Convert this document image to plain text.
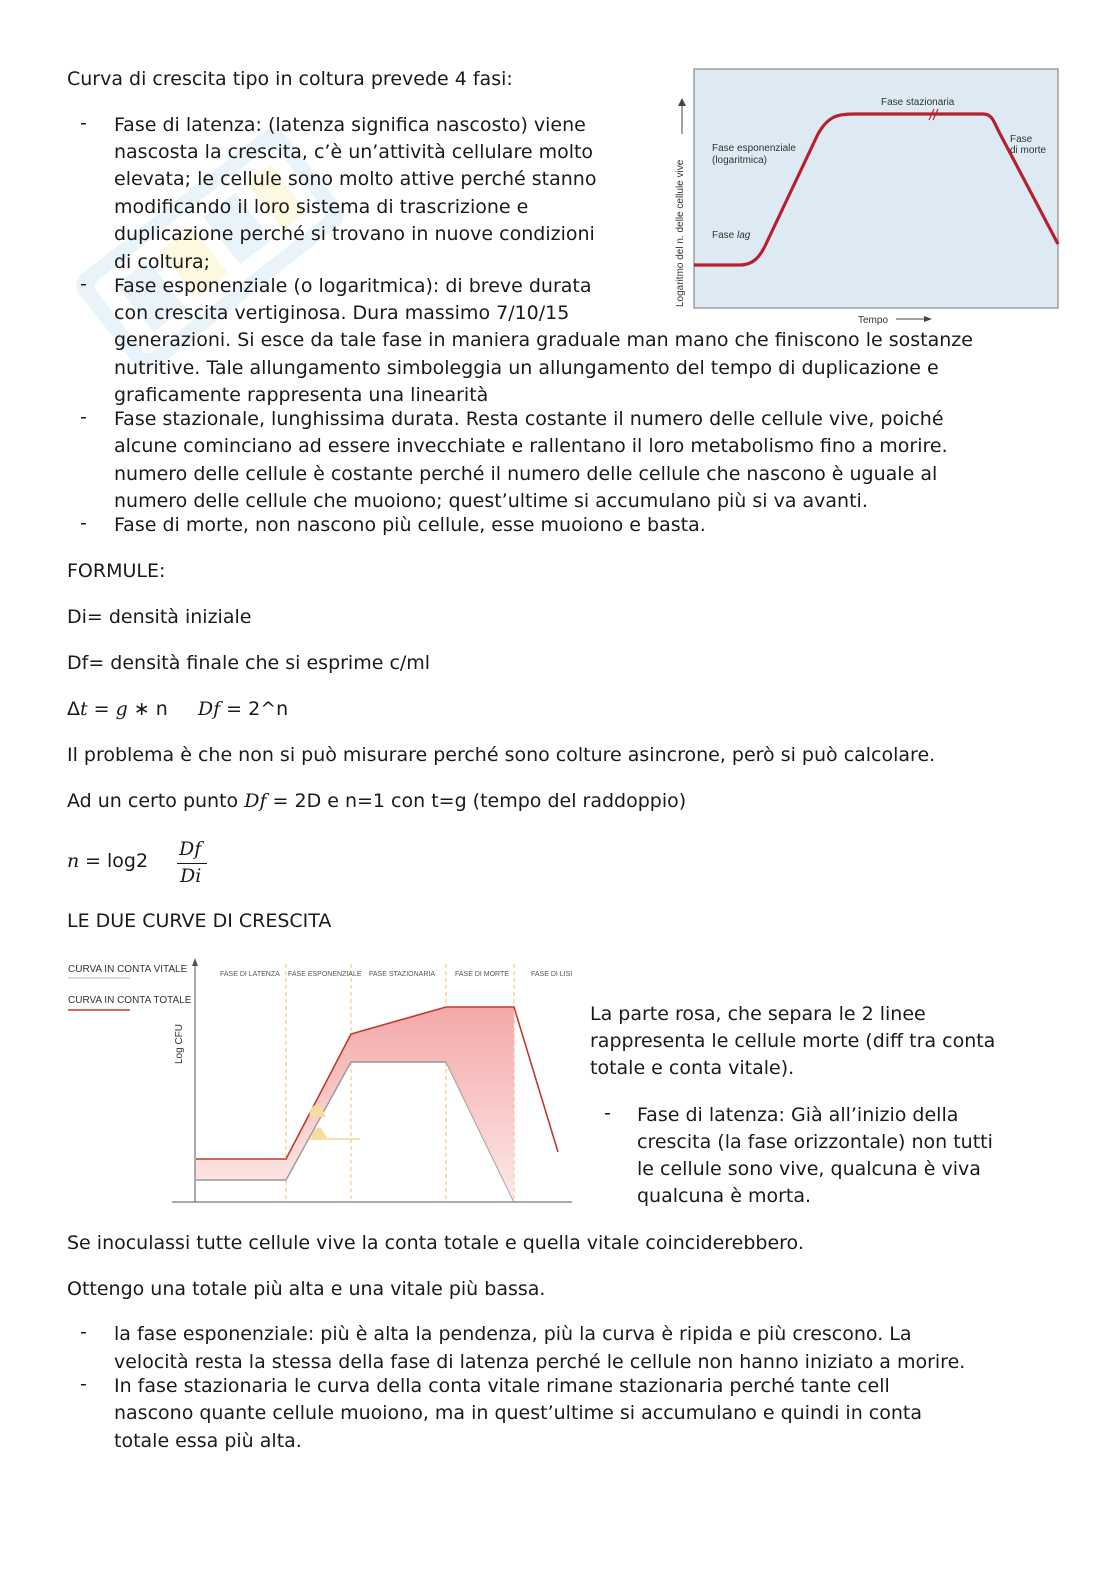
Curva di crescita tipo in coltura prevede 4 fasi:
- Fase di latenza: (latenza significa nascosto) viene
nascosta la crescita, c’è un’attività cellulare molto
elevata; le cellule sono molto attive perché stanno
modificando il loro sistema di trascrizione e
duplicazione perché si trovano in nuove condizioni
di coltura;
- Fase esponenziale (o logaritmica): di breve durata
con crescita vertiginosa. Dura massimo 7/10/15
generazioni. Si esce da tale fase in maniera graduale man mano che finiscono le sostanze
nutritive. Tale allungamento simboleggia un allungamento del tempo di duplicazione e
graficamente rappresenta una linearità
- Fase stazionale, lunghissima durata. Resta costante il numero delle cellule vive, poiché
alcune cominciano ad essere invecchiate e rallentano il loro metabolismo fino a morire.
numero delle cellule è costante perché il numero delle cellule che nascono è uguale al
numero delle cellule che muoiono; quest’ultime si accumulano più si va avanti.
- Fase di morte, non nascono più cellule, esse muoiono e basta.
Logaritmo del n. delle cellule vive
Tempo
Fase lag
Fase esponenziale
(logaritmica)
Fase stazionaria
Fase
di morte
FORMULE:
Di= densità iniziale
Df= densità finale che si esprime c/ml
Δt = g ∗ n Df = 2^n
Il problema è che non si può misurare perché sono colture asincrone, però si può calcolare.
Ad un certo punto Df = 2D e n=1 con t=g (tempo del raddoppio)
n = log2
Df
Di
LE DUE CURVE DI CRESCITA
CURVA IN CONTA VITALE
CURVA IN CONTA TOTALE
Log CFU
FASE DI LATENZA FASE ESPONENZIALE FASE STAZIONARIA	FASE DI MORTE	FASE DI LISI
La parte rosa, che separa le 2 linee
rappresenta le cellule morte (diff tra conta
totale e conta vitale).
- Fase di latenza: Già all’inizio della
crescita (la fase orizzontale) non tutti
le cellule sono vive, qualcuna è viva
qualcuna è morta.
Se inoculassi tutte cellule vive la conta totale e quella vitale coinciderebbero.
Ottengo una totale più alta e una vitale più bassa.
- la fase esponenziale: più è alta la pendenza, più la curva è ripida e più crescono. La
velocità resta la stessa della fase di latenza perché le cellule non hanno iniziato a morire.
- In fase stazionaria le curva della conta vitale rimane stazionaria perché tante cell
nascono quante cellule muoiono, ma in quest’ultime si accumulano e quindi in conta
totale essa più alta.
